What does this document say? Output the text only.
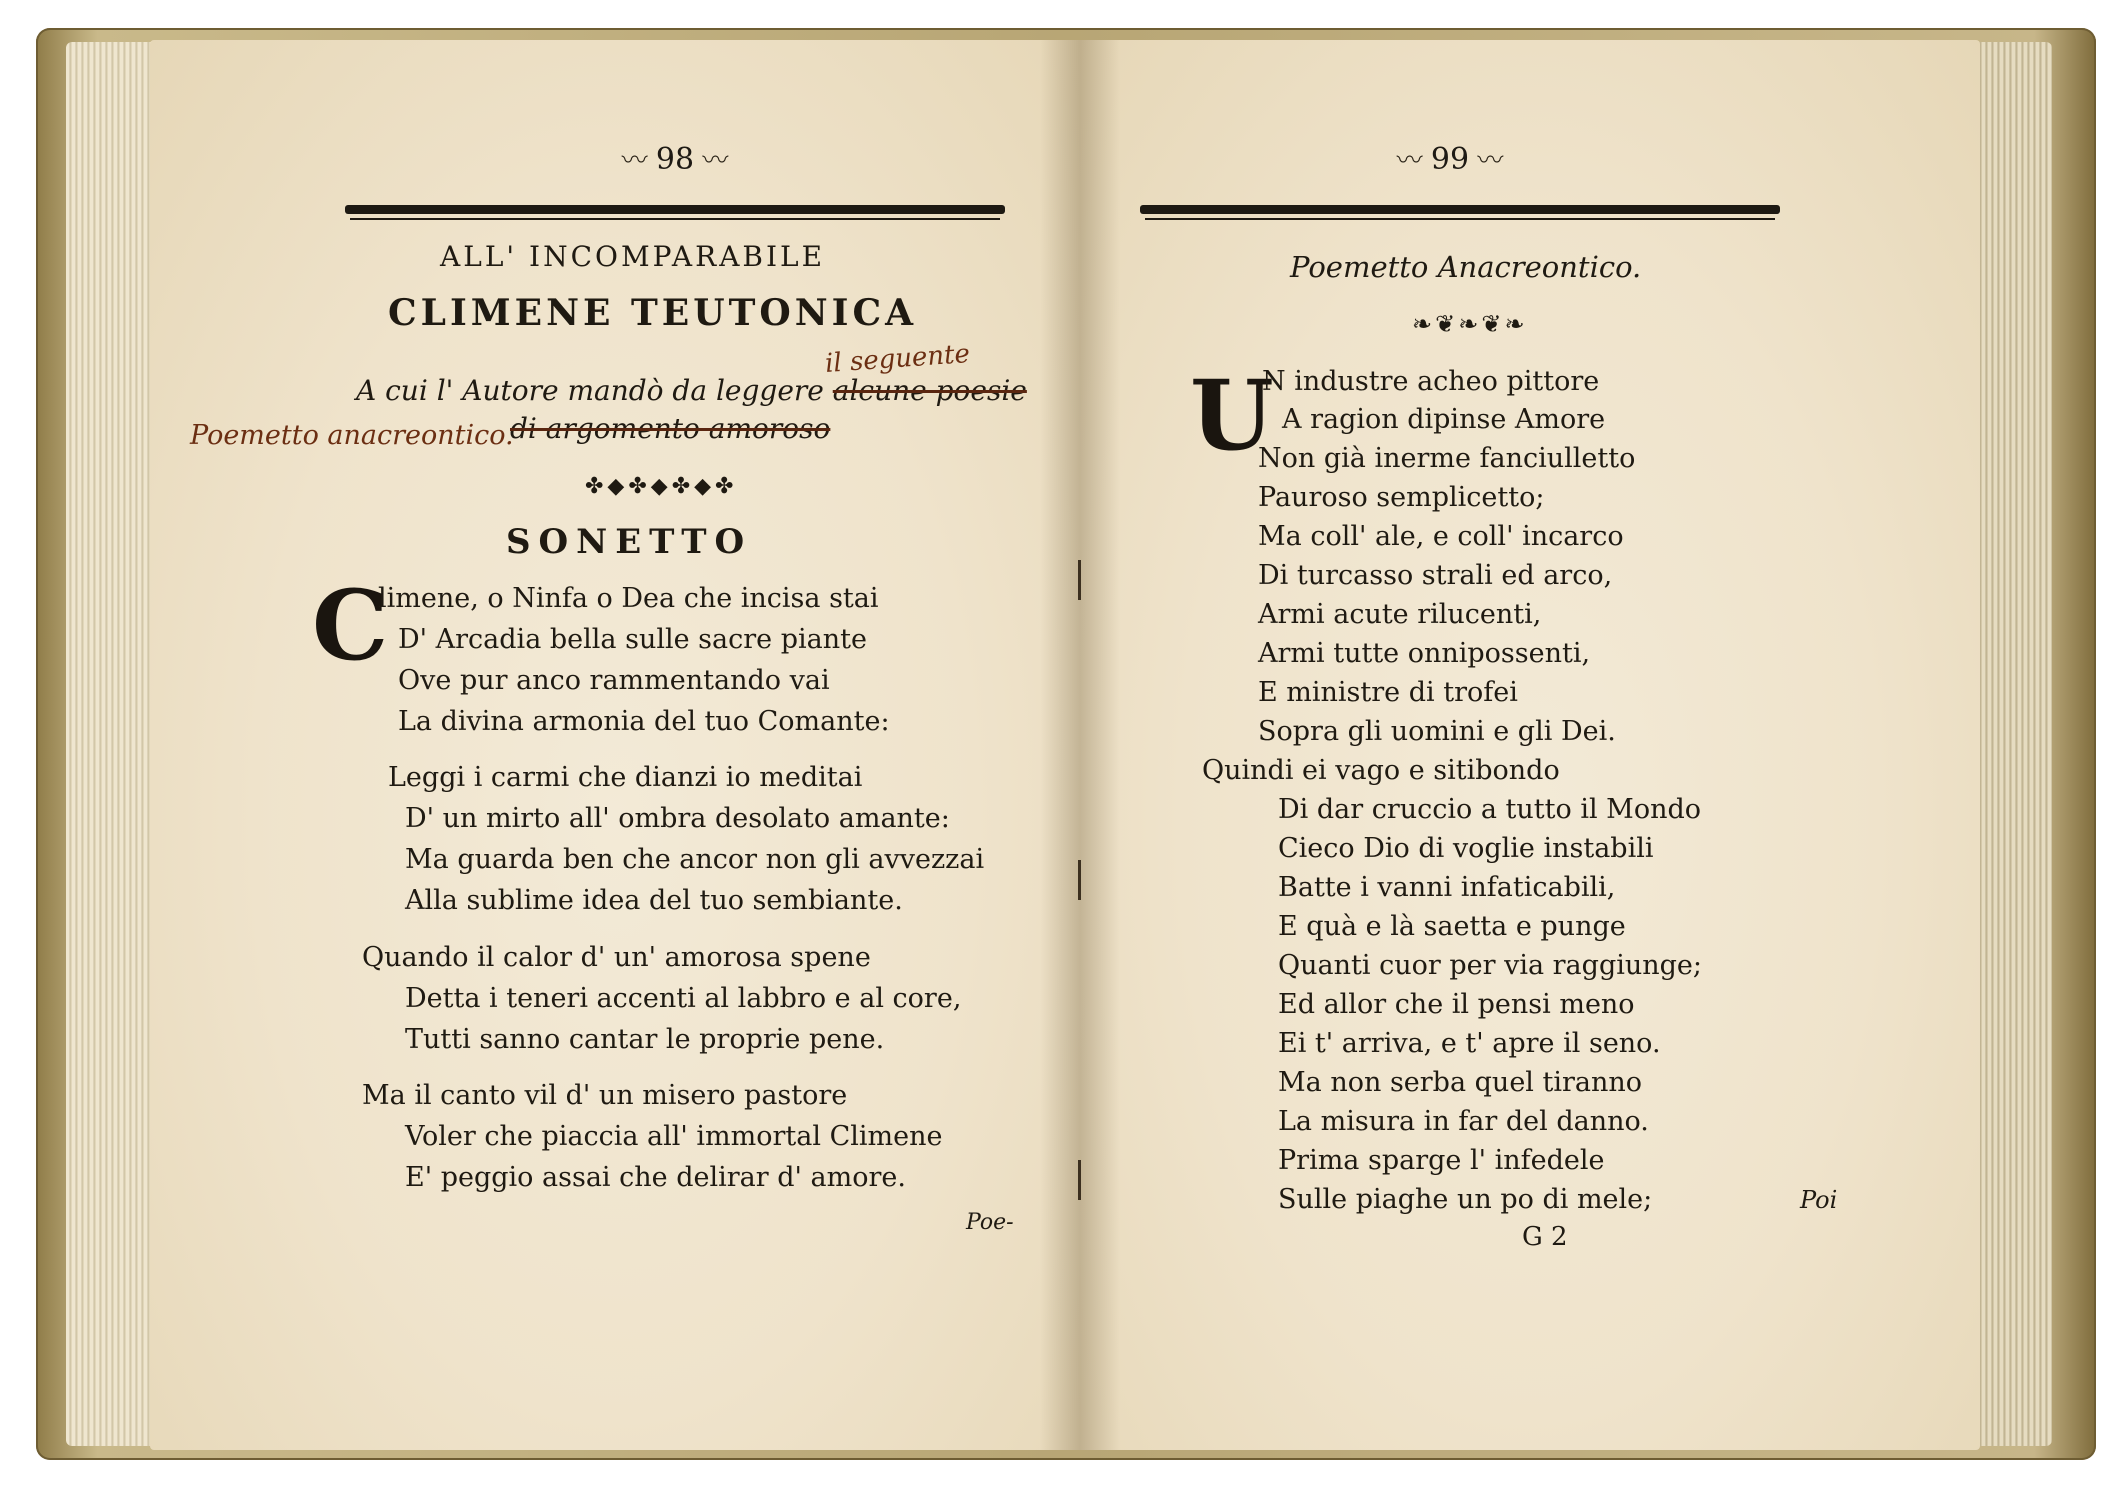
〰 98 〰
ALL' INCOMPARABILE
CLIMENE TEUTONICA
il seguente
A cui l' Autore mandò da leggere alcune poesie
Poemetto anacreontico.
di argomento amoroso
✤◆✤◆✤◆✤
SONETTO
C
limene, o Ninfa o Dea che incisa stai
D' Arcadia bella sulle sacre piante
Ove pur anco rammentando vai
La divina armonia del tuo Comante:
Leggi i carmi che dianzi io meditai
D' un mirto all' ombra desolato amante:
Ma guarda ben che ancor non gli avvezzai
Alla sublime idea del tuo sembiante.
Quando il calor d' un' amorosa spene
Detta i teneri accenti al labbro e al core,
Tutti sanno cantar le proprie pene.
Ma il canto vil d' un misero pastore
Voler che piaccia all' immortal Climene
E' peggio assai che delirar d' amore.
Poe-
〰 99 〰
Poemetto Anacreontico.
❧❦❧❦❧
U
N industre acheo pittore
A ragion dipinse Amore
Non già inerme fanciulletto
Pauroso semplicetto;
Ma coll' ale, e coll' incarco
Di turcasso strali ed arco,
Armi acute rilucenti,
Armi tutte onnipossenti,
E ministre di trofei
Sopra gli uomini e gli Dei.
Quindi ei vago e sitibondo
Di dar cruccio a tutto il Mondo
Cieco Dio di voglie instabili
Batte i vanni infaticabili,
E quà e là saetta e punge
Quanti cuor per via raggiunge;
Ed allor che il pensi meno
Ei t' arriva, e t' apre il seno.
Ma non serba quel tiranno
La misura in far del danno.
Prima sparge l' infedele
Sulle piaghe un po di mele;
G 2
Poi
